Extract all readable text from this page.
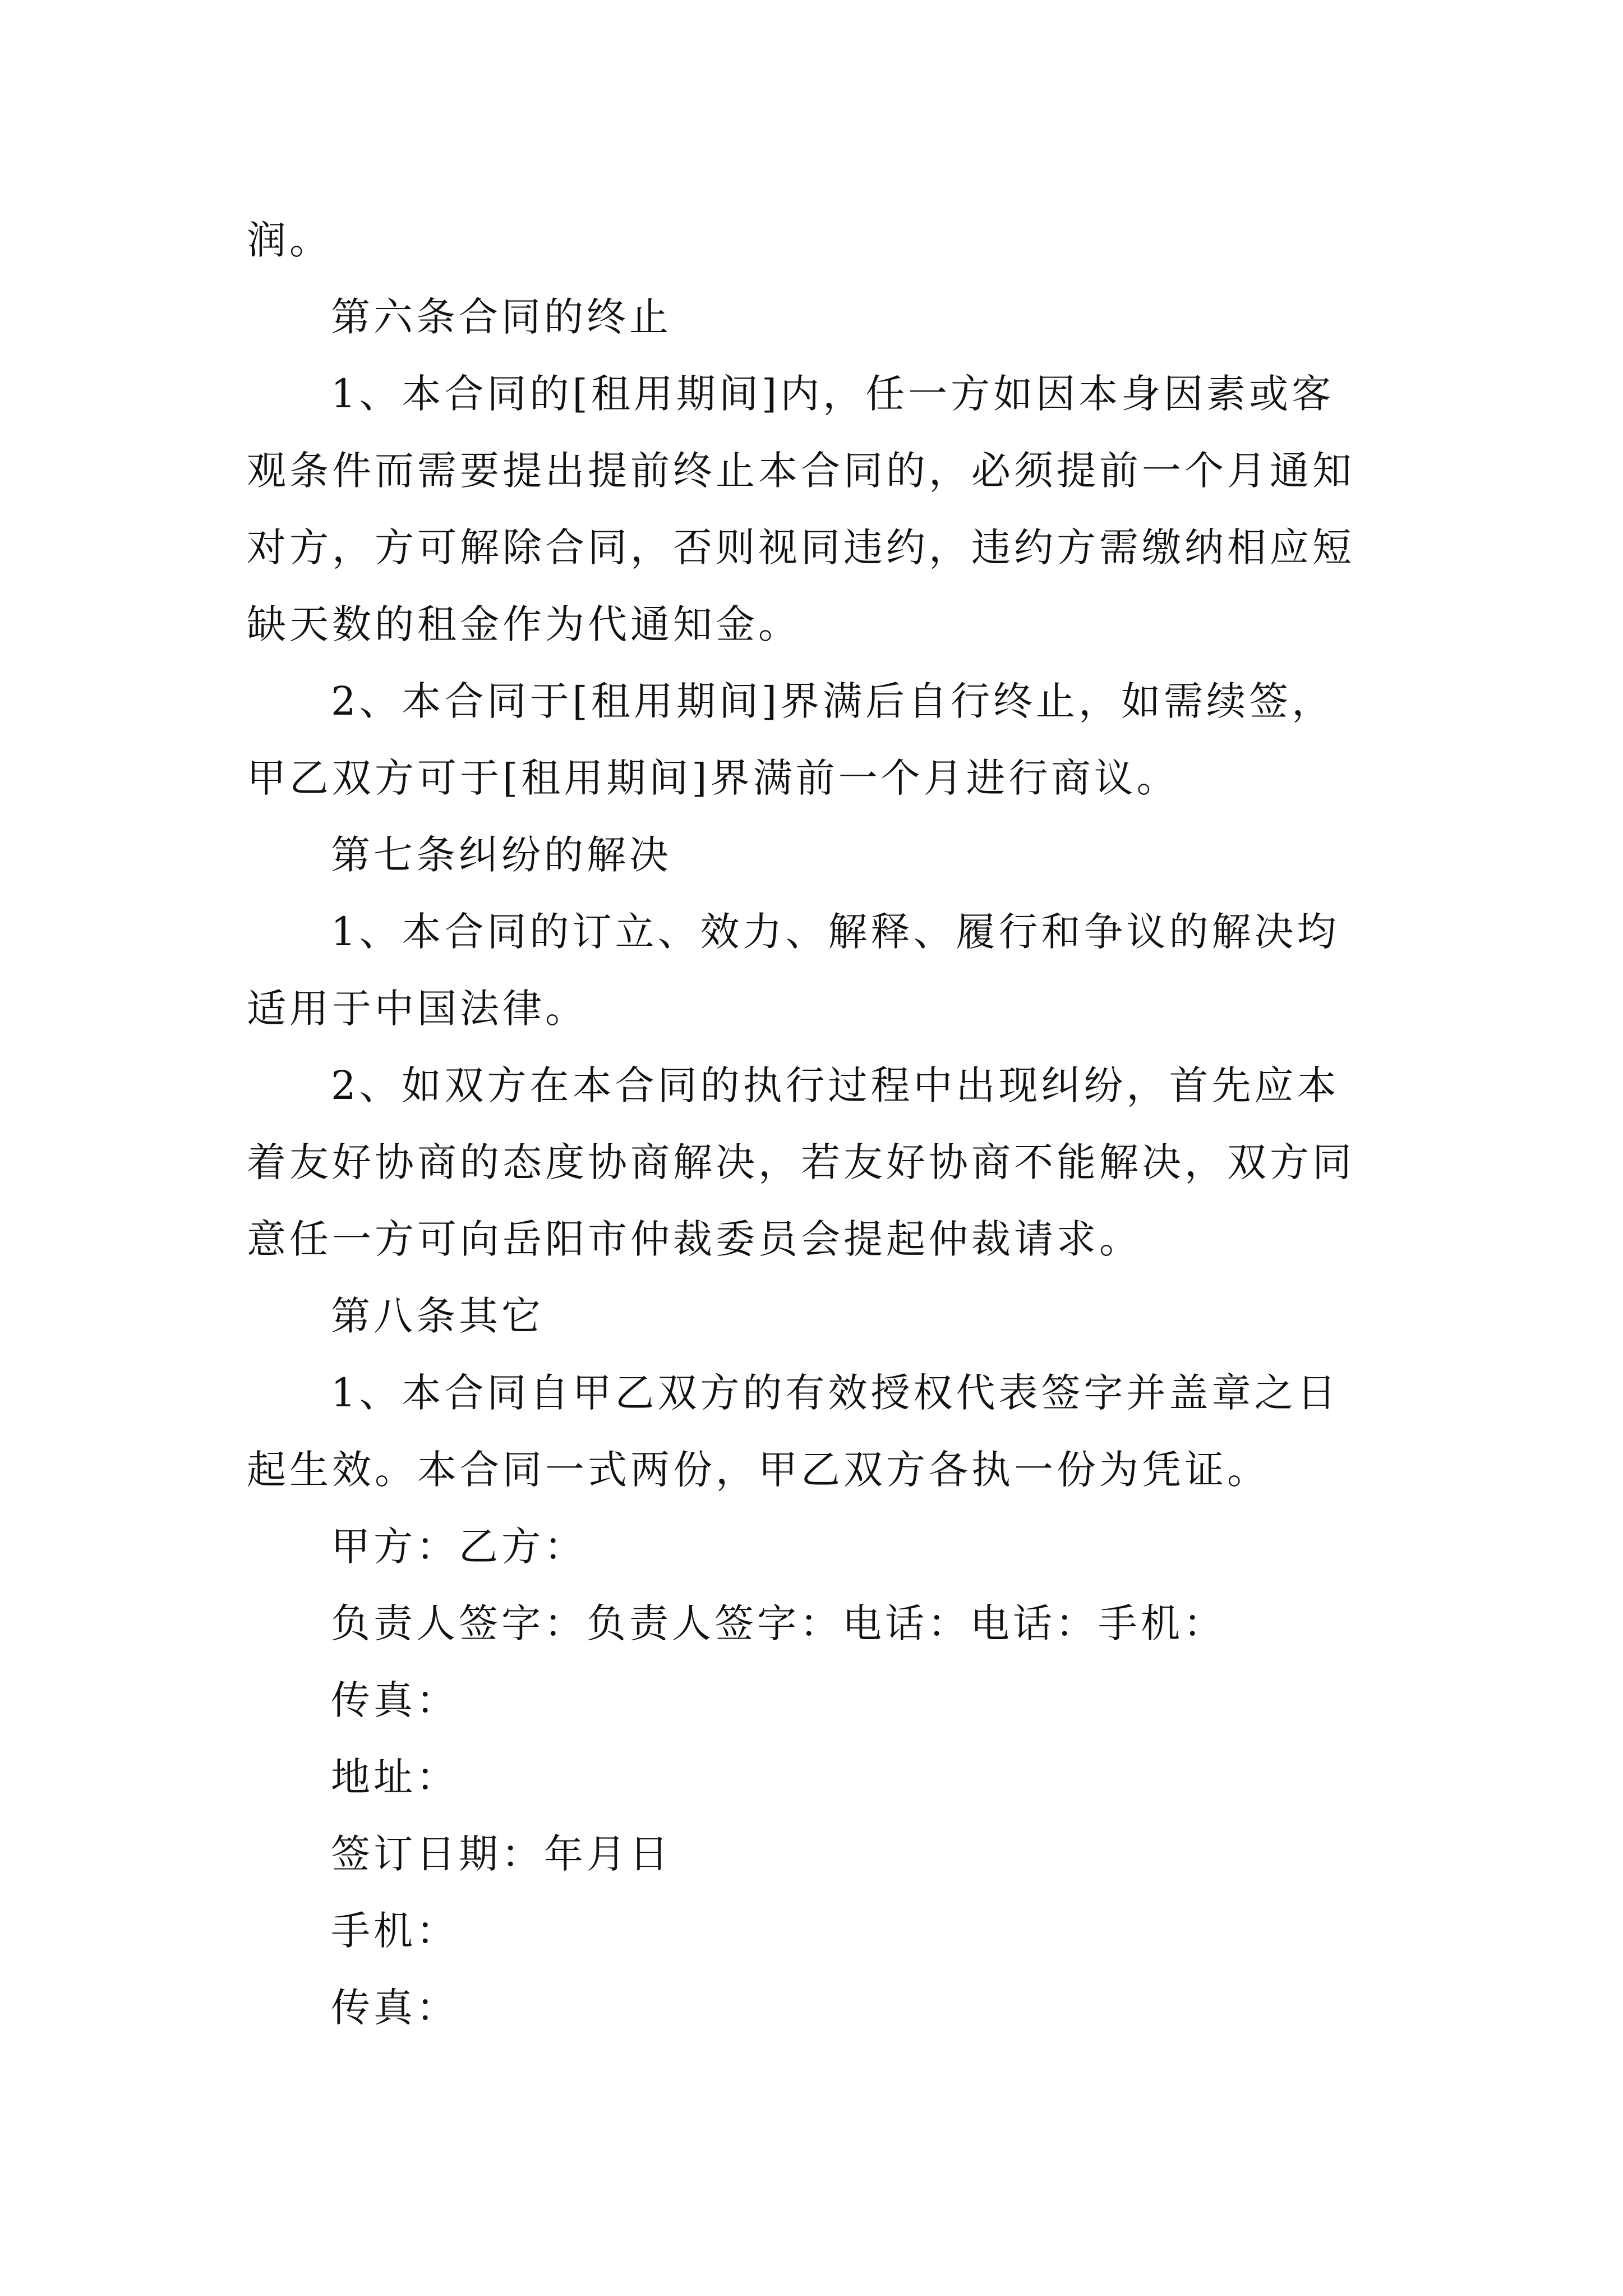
润。

第六条合同的终止

1、本合同的[租用期间]内，任一方如因本身因素或客
观条件而需要提出提前终止本合同的，必须提前一个月通知
对方，方可解除合同，否则视同违约，违约方需缴纳相应短
缺天数的租金作为代通知金。

2、本合同于[租用期间]界满后自行终止，如需续签，
甲乙双方可于[租用期间]界满前一个月进行商议。

第七条纠纷的解决

1、本合同的订立、效力、解释、履行和争议的解决均
适用于中国法律。

2、如双方在本合同的执行过程中出现纠纷，首先应本
着友好协商的态度协商解决，若友好协商不能解决，双方同
意任一方可向岳阳市仲裁委员会提起仲裁请求。

第八条其它

1、本合同自甲乙双方的有效授权代表签字并盖章之日
起生效。本合同一式两份，甲乙双方各执一份为凭证。

甲方：乙方：

负责人签字：负责人签字：电话：电话：手机：

传真：

地址：

签订日期：年月日

手机：

传真：
